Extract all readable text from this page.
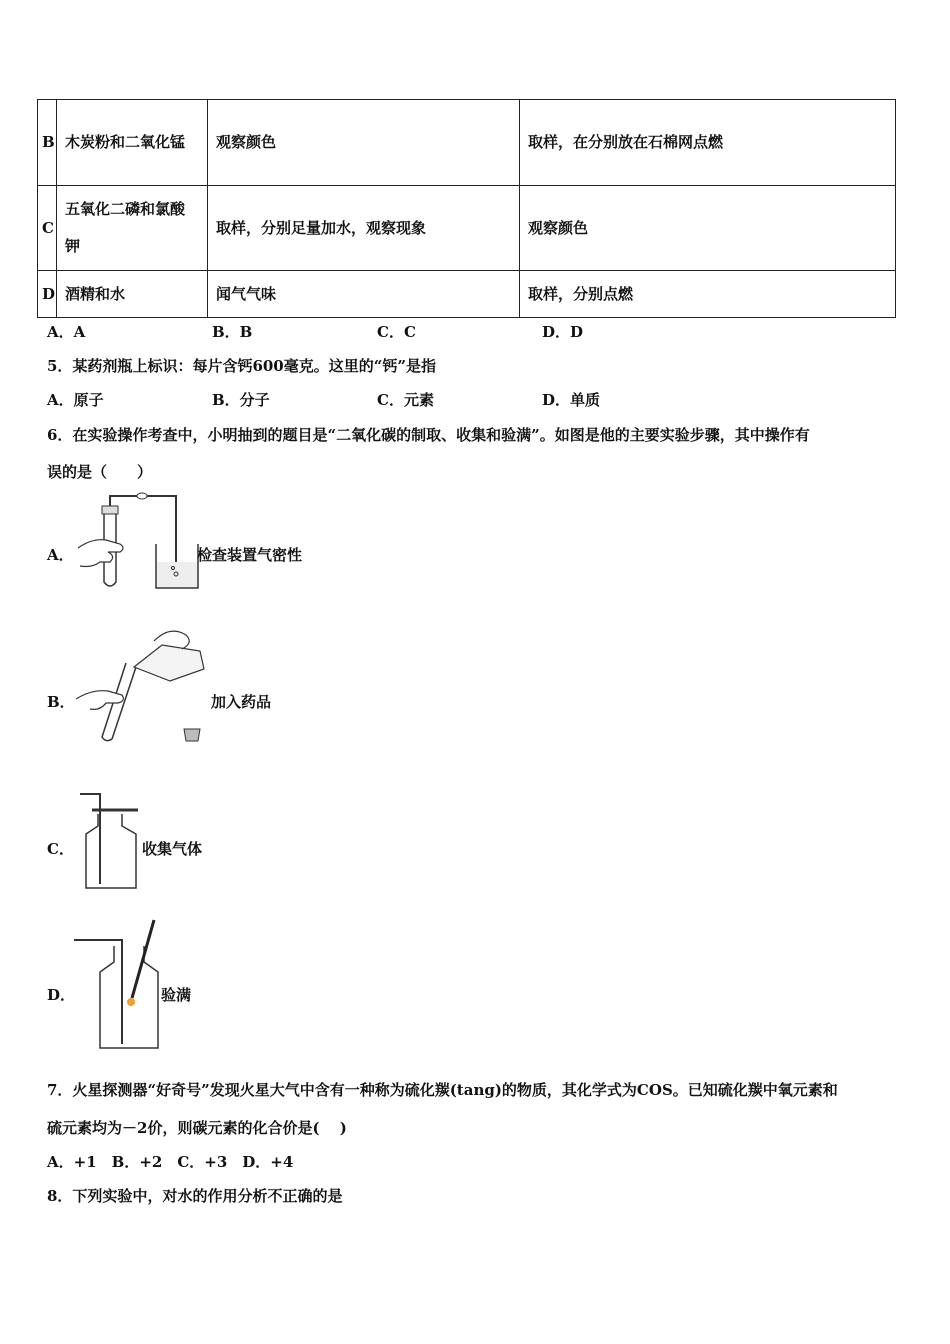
B	木炭粉和二氧化锰	观察颜色	取样，在分别放在石棉网点燃
C	五氧化二磷和氯酸钾	取样，分别足量加水，观察现象	观察颜色
D	酒精和水	闻气气味	取样，分别点燃
A．A	B．B	C．C	D．D
5．某药剂瓶上标识：每片含钙600毫克。这里的“钙”是指
A．原子	B．分子	C．元素	D．单质
6．在实验操作考查中，小明抽到的题目是“二氧化碳的制取、收集和验满”。如图是他的主要实验步骤，其中操作有
误的是（　　）
A．	检查装置气密性
B．	加入药品
C．	收集气体
D．	验满
7．火星探测器“好奇号”发现火星大气中含有一种称为硫化羰(tang)的物质，其化学式为COS。已知硫化羰中氧元素和
硫元素均为－2价，则碳元素的化合价是(　 )
A．+1　B．+2　C．+3　D．+4
8．下列实验中，对水的作用分析不正确的是
